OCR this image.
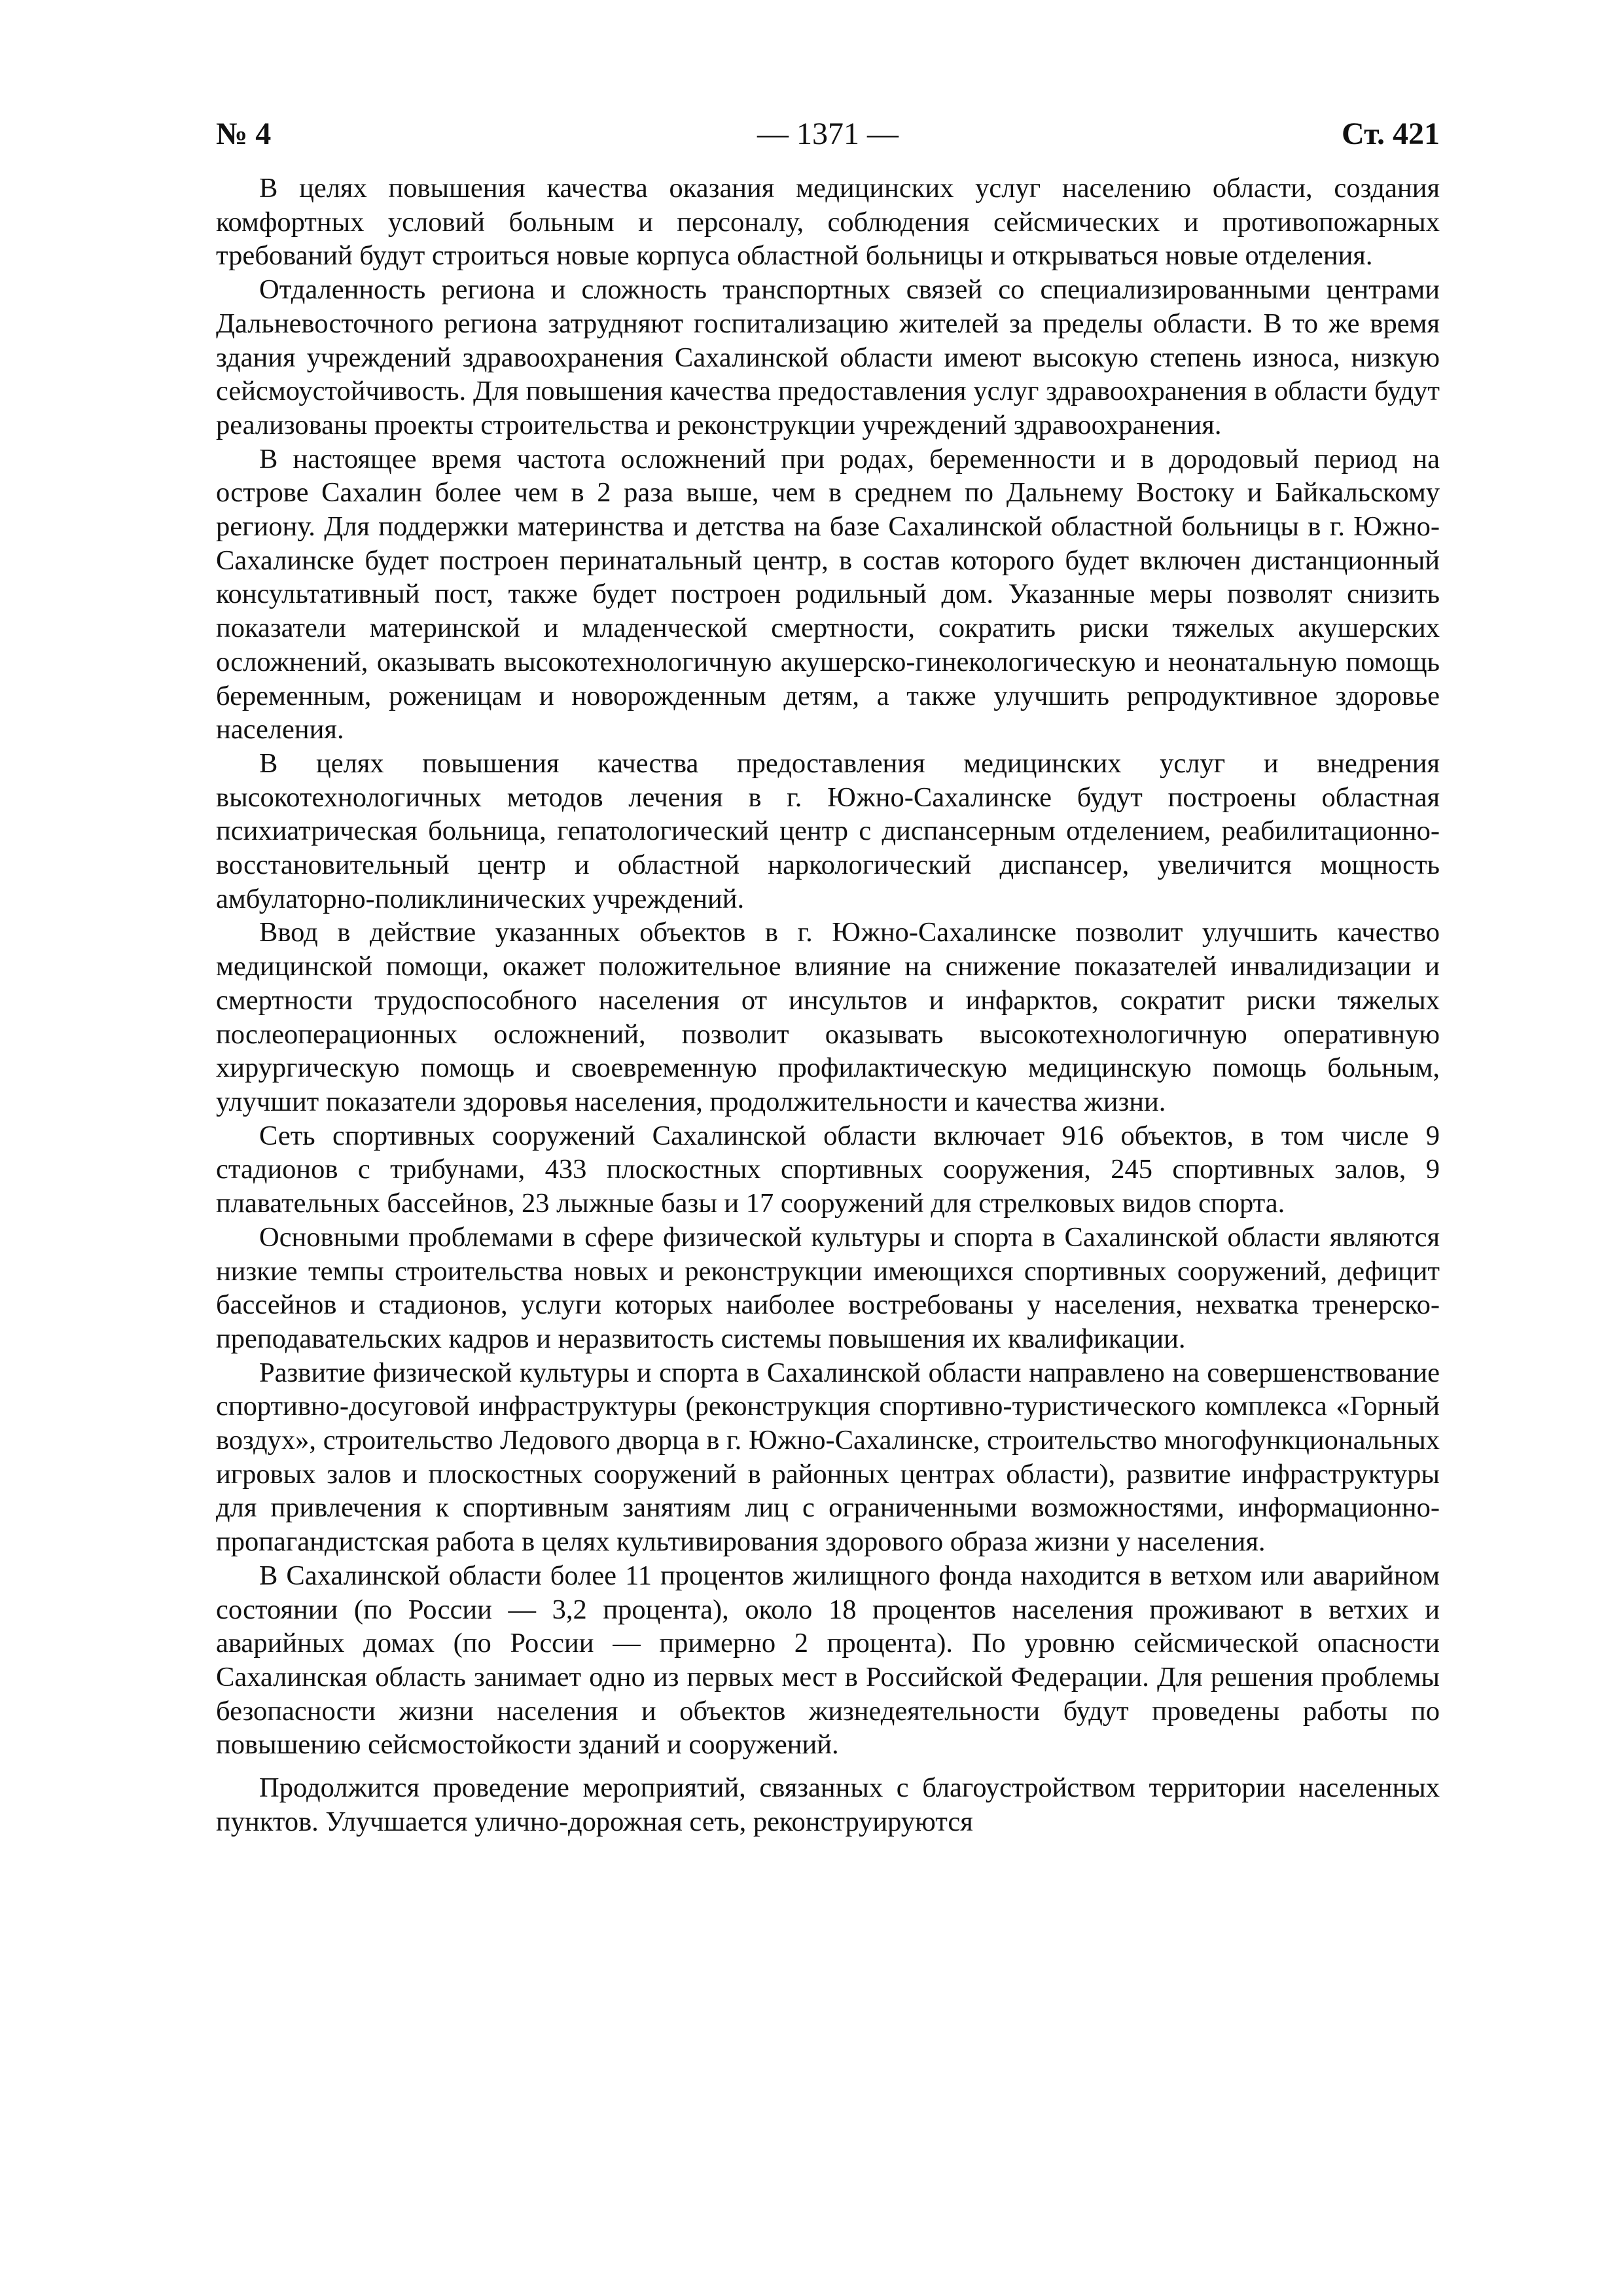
№ 4	— 1371 —	Ст. 421

В целях повышения качества оказания медицинских услуг населению области, создания комфортных условий больным и персоналу, соблюдения сейсмических и противопожарных требований будут строиться новые корпуса областной больницы и открываться новые отделения.

Отдаленность региона и сложность транспортных связей со специализированными центрами Дальневосточного региона затрудняют госпитализацию жителей за пределы области. В то же время здания учреждений здравоохранения Сахалинской области имеют высокую степень износа, низкую сейсмоустойчивость. Для повышения качества предоставления услуг здравоохранения в области будут реализованы проекты строительства и реконструкции учреждений здравоохранения.

В настоящее время частота осложнений при родах, беременности и в дородовый период на острове Сахалин более чем в 2 раза выше, чем в среднем по Дальнему Востоку и Байкальскому региону. Для поддержки материнства и детства на базе Сахалинской областной больницы в г. Южно-Сахалинске будет построен перинатальный центр, в состав которого будет включен дистанционный консультативный пост, также будет построен родильный дом. Указанные меры позволят снизить показатели материнской и младенческой смертности, сократить риски тяжелых акушерских осложнений, оказывать высокотехнологичную акушерско-гинекологическую и неонатальную помощь беременным, роженицам и новорожденным детям, а также улучшить репродуктивное здоровье населения.

В целях повышения качества предоставления медицинских услуг и внедрения высокотехнологичных методов лечения в г. Южно-Сахалинске будут построены областная психиатрическая больница, гепатологический центр с диспансерным отделением, реабилитационно-восстановительный центр и областной наркологический диспансер, увеличится мощность амбулаторно-поликлинических учреждений.

Ввод в действие указанных объектов в г. Южно-Сахалинске позволит улучшить качество медицинской помощи, окажет положительное влияние на снижение показателей инвалидизации и смертности трудоспособного населения от инсультов и инфарктов, сократит риски тяжелых послеоперационных осложнений, позволит оказывать высокотехнологичную оперативную хирургическую помощь и своевременную профилактическую медицинскую помощь больным, улучшит показатели здоровья населения, продолжительности и качества жизни.

Сеть спортивных сооружений Сахалинской области включает 916 объектов, в том числе 9 стадионов с трибунами, 433 плоскостных спортивных сооружения, 245 спортивных залов, 9 плавательных бассейнов, 23 лыжные базы и 17 сооружений для стрелковых видов спорта.

Основными проблемами в сфере физической культуры и спорта в Сахалинской области являются низкие темпы строительства новых и реконструкции имеющихся спортивных сооружений, дефицит бассейнов и стадионов, услуги которых наиболее востребованы у населения, нехватка тренерско-преподавательских кадров и неразвитость системы повышения их квалификации.

Развитие физической культуры и спорта в Сахалинской области направлено на совершенствование спортивно-досуговой инфраструктуры (реконструкция спортивно-туристического комплекса «Горный воздух», строительство Ледового дворца в г. Южно-Сахалинске, строительство многофункциональных игровых залов и плоскостных сооружений в районных центрах области), развитие инфраструктуры для привлечения к спортивным занятиям лиц с ограниченными возможностями, информационно-пропагандистская работа в целях культивирования здорового образа жизни у населения.

В Сахалинской области более 11 процентов жилищного фонда находится в ветхом или аварийном состоянии (по России — 3,2 процента), около 18 процентов населения проживают в ветхих и аварийных домах (по России — примерно 2 процента). По уровню сейсмической опасности Сахалинская область занимает одно из первых мест в Российской Федерации. Для решения проблемы безопасности жизни населения и объектов жизнедеятельности будут проведены работы по повышению сейсмостойкости зданий и сооружений.

Продолжится проведение мероприятий, связанных с благоустройством территории населенных пунктов. Улучшается улично-дорожная сеть, реконструируются
